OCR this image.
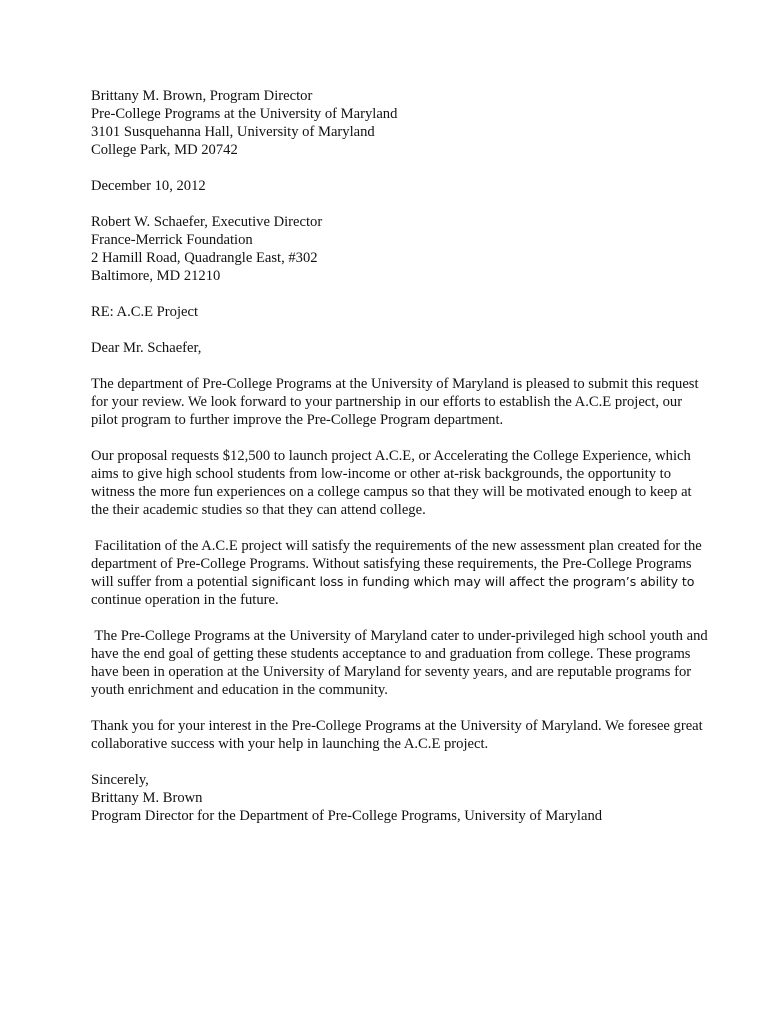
Brittany M. Brown, Program Director
Pre-College Programs at the University of Maryland
3101 Susquehanna Hall, University of Maryland
College Park, MD 20742
December 10, 2012
Robert W. Schaefer, Executive Director
France-Merrick Foundation
2 Hamill Road, Quadrangle East, #302
Baltimore, MD 21210
RE: A.C.E Project
Dear Mr. Schaefer,
The department of Pre-College Programs at the University of Maryland is pleased to submit this request
for your review. We look forward to your partnership in our efforts to establish the A.C.E project, our
pilot program to further improve the Pre-College Program department.
Our proposal requests $12,500 to launch project A.C.E, or Accelerating the College Experience, which
aims to give high school students from low-income or other at-risk backgrounds, the opportunity to
witness the more fun experiences on a college campus so that they will be motivated enough to keep at
the their academic studies so that they can attend college.
Facilitation of the A.C.E project will satisfy the requirements of the new assessment plan created for the
department of Pre-College Programs. Without satisfying these requirements, the Pre-College Programs
will suffer from a potential significant loss in funding which may will affect the program’s ability to
continue operation in the future.
The Pre-College Programs at the University of Maryland cater to under-privileged high school youth and
have the end goal of getting these students acceptance to and graduation from college. These programs
have been in operation at the University of Maryland for seventy years, and are reputable programs for
youth enrichment and education in the community.
Thank you for your interest in the Pre-College Programs at the University of Maryland. We foresee great
collaborative success with your help in launching the A.C.E project.
Sincerely,
Brittany M. Brown
Program Director for the Department of Pre-College Programs, University of Maryland
